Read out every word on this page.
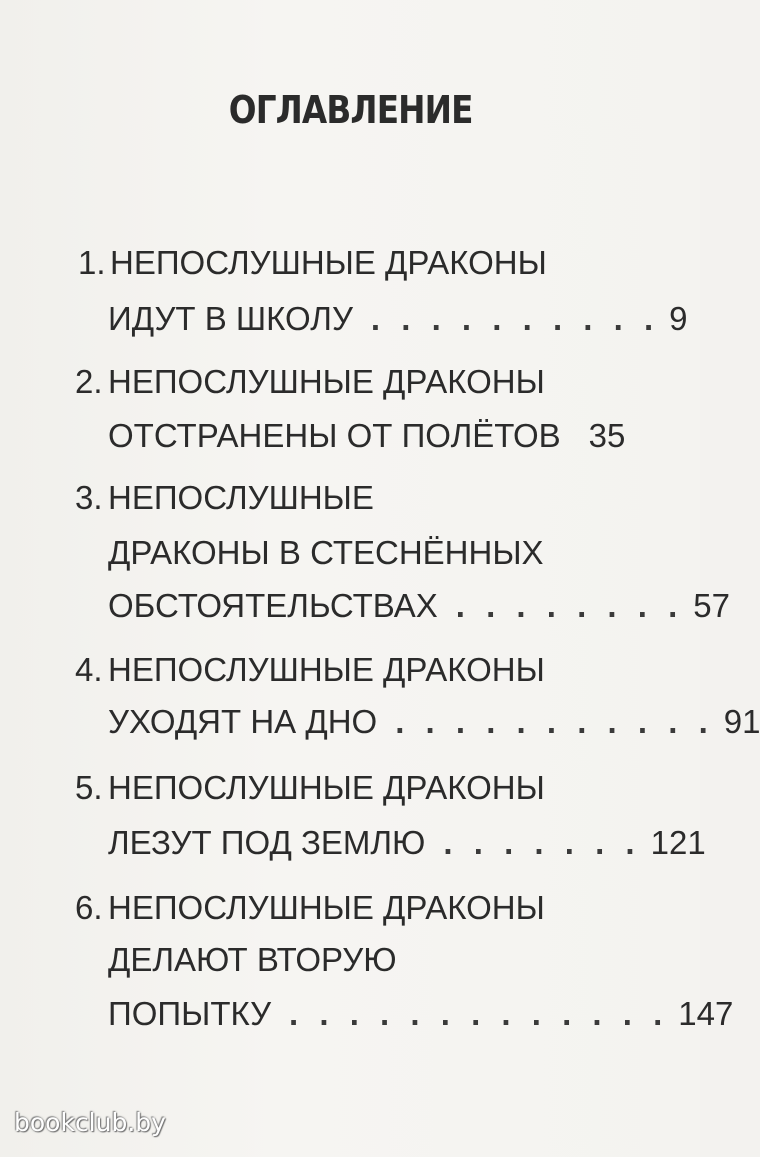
ОГЛАВЛЕНИЕ
1. НЕПОСЛУШНЫЕ ДРАКОНЫ
ИДУТ В ШКОЛУ . . . . . . . . . . 9
2. НЕПОСЛУШНЫЕ ДРАКОНЫ
ОТСТРАНЕНЫ ОТ ПОЛЁТОВ 35
3. НЕПОСЛУШНЫЕ
ДРАКОНЫ В СТЕСНЁННЫХ
ОБСТОЯТЕЛЬСТВАХ . . . . . . . . 57
4. НЕПОСЛУШНЫЕ ДРАКОНЫ
УХОДЯТ НА ДНО . . . . . . . . . . . 91
5. НЕПОСЛУШНЫЕ ДРАКОНЫ
ЛЕЗУТ ПОД ЗЕМЛЮ . . . . . . . 121
6. НЕПОСЛУШНЫЕ ДРАКОНЫ
ДЕЛАЮТ ВТОРУЮ
ПОПЫТКУ . . . . . . . . . . . . . 147
bookclub.by
